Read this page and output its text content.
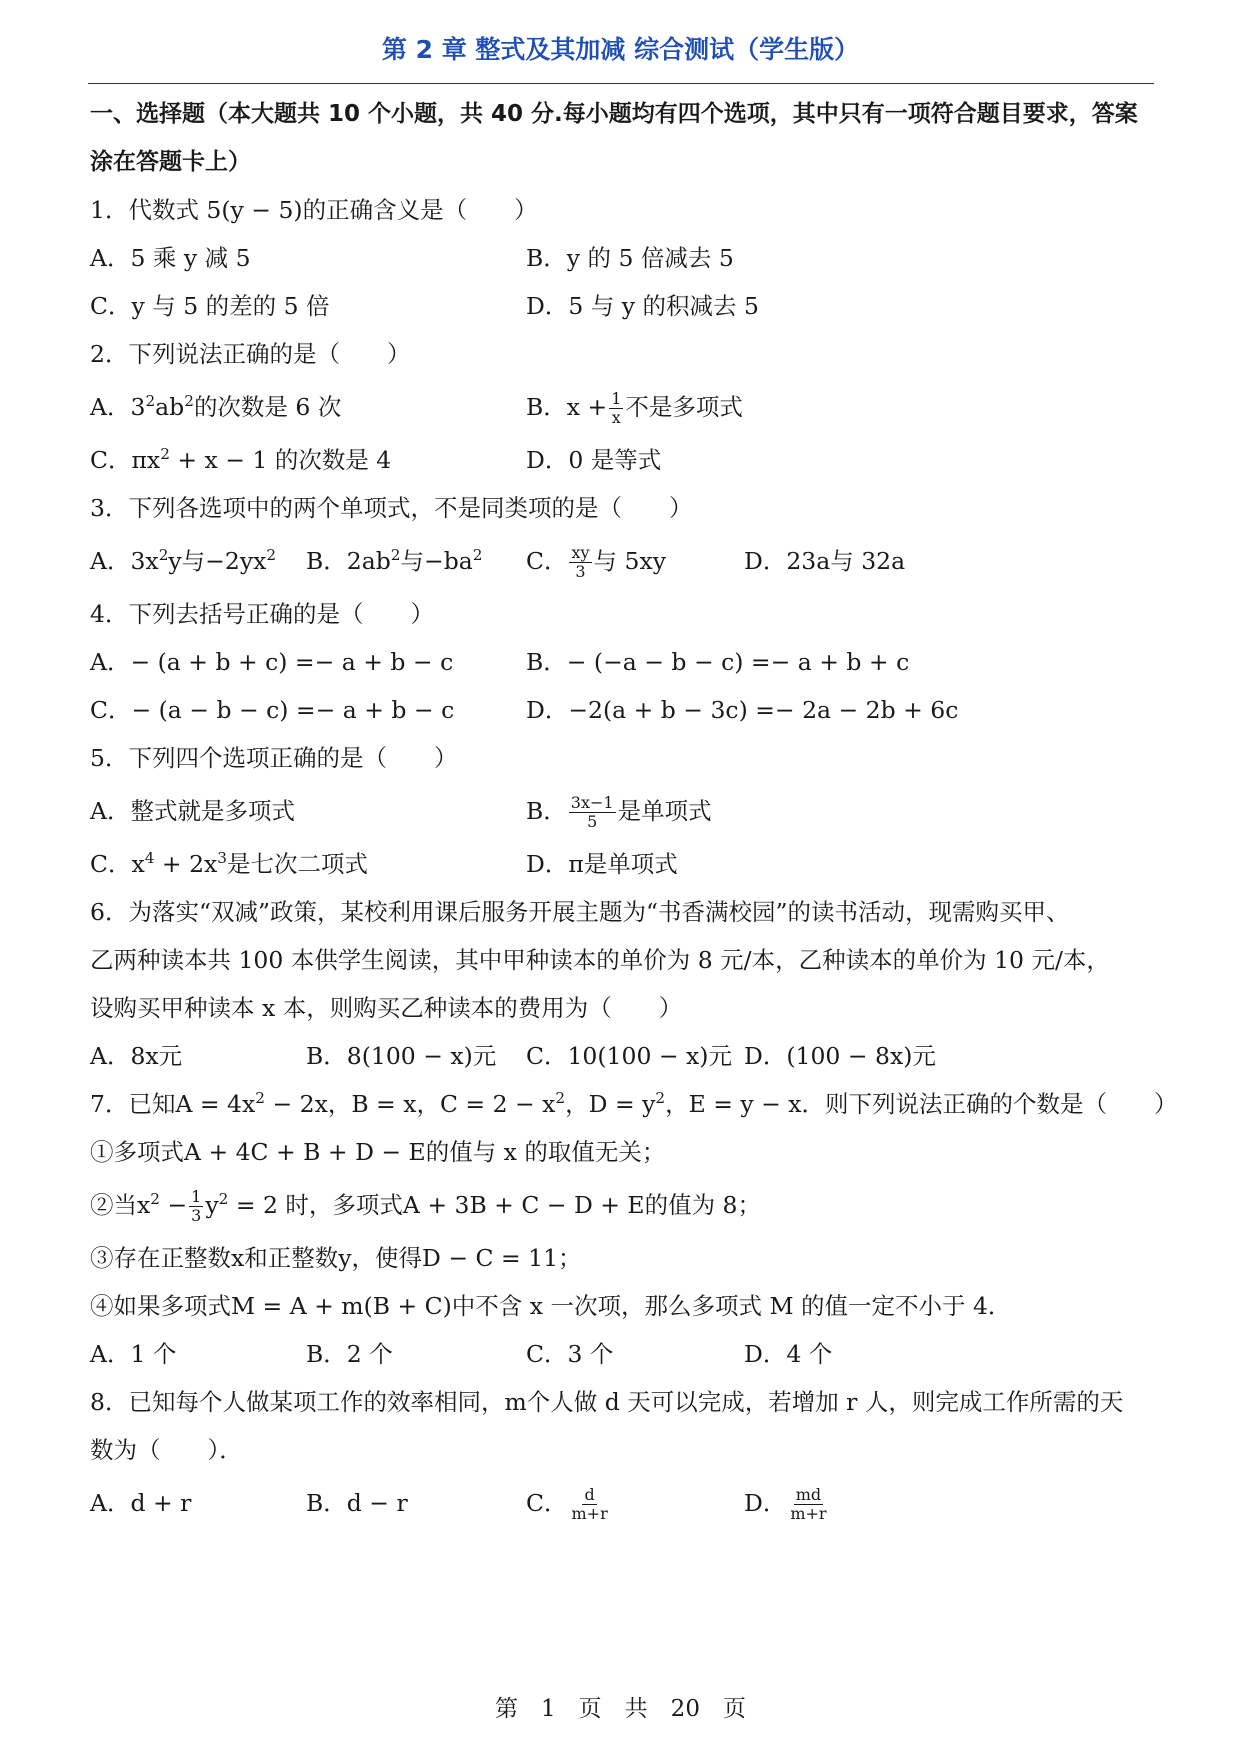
第 2 章 整式及其加减 综合测试（学生版）

一、选择题（本大题共 10 个小题，共 40 分.每小题均有四个选项，其中只有一项符合题目要求，答案涂在答题卡上）

1．代数式 5(y − 5)的正确含义是（　　）
A．5 乘 y 减 5	B．y 的 5 倍减去 5
C．y 与 5 的差的 5 倍	D．5 与 y 的积减去 5
2．下列说法正确的是（　　）
A．$3^2ab^2$的次数是 6 次	B．$x + \frac{1}{x}$ 不是多项式
C．$\pi x^2 + x - 1$ 的次数是 4	D．0 是等式
3．下列各选项中的两个单项式，不是同类项的是（　　）
A．$3x^2y$与$-2yx^2$	B．$2ab^2$与$-ba^2$	C． $\frac{xy}{3}$ 与 5xy	D．23a与 32a
4．下列去括号正确的是（　　）
A．− (a + b + c) =− a + b − c	B．− (−a − b − c) =− a + b + c
C．− (a − b − c) =− a + b − c	D．−2(a + b − 3c) =− 2a − 2b + 6c
5．下列四个选项正确的是（　　）
A．整式就是多项式	B． $\frac{3x-1}{5}$ 是单项式
C．$x^4 + 2x^3$是七次二项式	D．π是单项式
6．为落实“双减”政策，某校利用课后服务开展主题为“书香满校园”的读书活动，现需购买甲、
乙两种读本共 100 本供学生阅读，其中甲种读本的单价为 8 元/本，乙种读本的单价为 10 元/本，
设购买甲种读本 x 本，则购买乙种读本的费用为（　　）
A．8x元	B．8(100 − x)元	C．10(100 − x)元 D．(100 − 8x)元
7．已知$A = 4x^2 - 2x$，B = x，$C = 2 - x^2$，$D = y^2$，E = y − x．则下列说法正确的个数是（　　）
①多项式A + 4C + B + D − E的值与 x 的取值无关；
②当$x^2 - \frac{1}{3} y^2 = 2$ 时，多项式A + 3B + C − D + E的值为 8；
③存在正整数x和正整数y，使得D − C = 11；
④如果多项式M = A + m(B + C)中不含 x 一次项，那么多项式 M 的值一定不小于 4．
A．1 个	B．2 个	C．3 个	D．4 个
8．已知每个人做某项工作的效率相同，m个人做 d 天可以完成，若增加 r 人，则完成工作所需的天
数为（　　）．
A．d + r	B．d − r	C． $\frac{d}{m+r}$	D． $\frac{md}{m+r}$
第　1　页　共　20　页
